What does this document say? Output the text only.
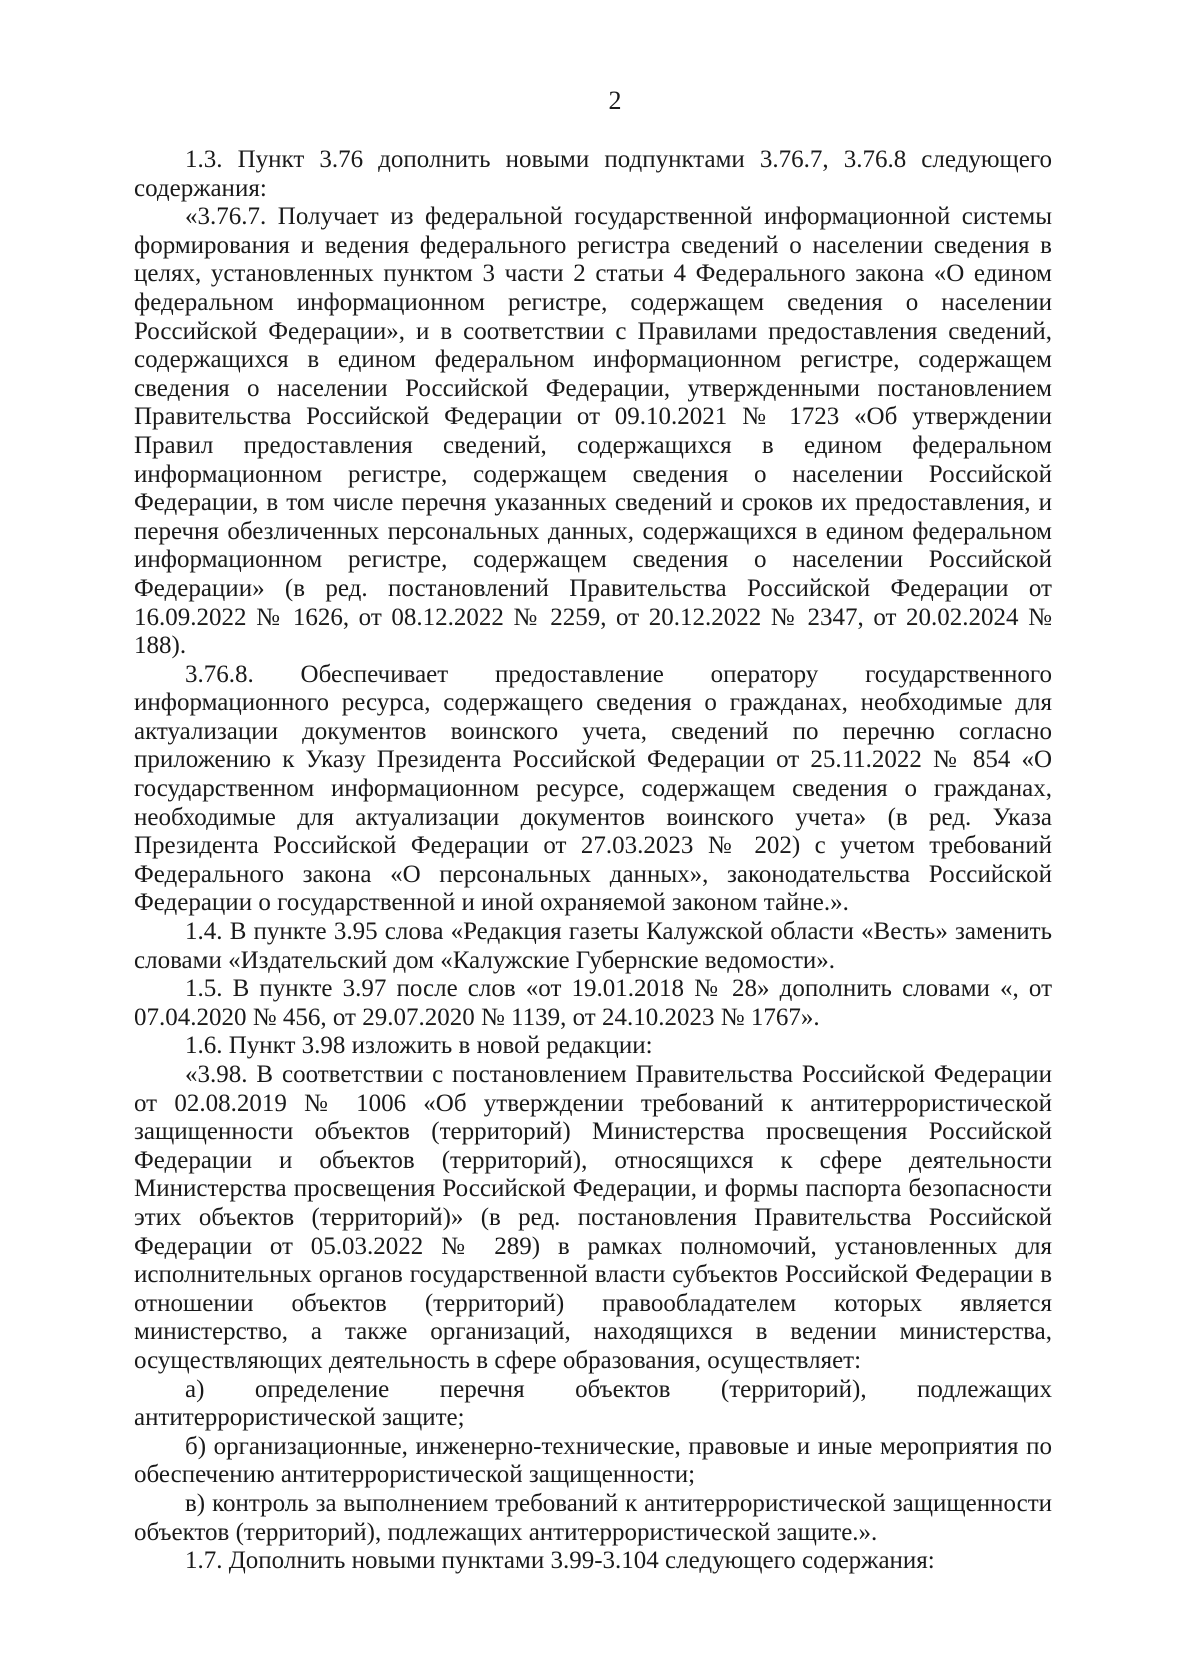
2

1.3. Пункт 3.76 дополнить новыми подпунктами 3.76.7, 3.76.8 следующего содержания:

«3.76.7. Получает из федеральной государственной информационной системы формирования и ведения федерального регистра сведений о населении сведения в целях, установленных пунктом 3 части 2 статьи 4 Федерального закона «О едином федеральном информационном регистре, содержащем сведения о населении Российской Федерации», и в соответствии с Правилами предоставления сведений, содержащихся в едином федеральном информационном регистре, содержащем сведения о населении Российской Федерации, утвержденными постановлением Правительства Российской Федерации от 09.10.2021 № 1723 «Об утверждении Правил предоставления сведений, содержащихся в едином федеральном информационном регистре, содержащем сведения о населении Российской Федерации, в том числе перечня указанных сведений и сроков их предоставления, и перечня обезличенных персональных данных, содержащихся в едином федеральном информационном регистре, содержащем сведения о населении Российской Федерации» (в ред. постановлений Правительства Российской Федерации от 16.09.2022 № 1626, от 08.12.2022 № 2259, от 20.12.2022 № 2347, от 20.02.2024 № 188).

3.76.8. Обеспечивает предоставление оператору государственного информационного ресурса, содержащего сведения о гражданах, необходимые для актуализации документов воинского учета, сведений по перечню согласно приложению к Указу Президента Российской Федерации от 25.11.2022 № 854 «О государственном информационном ресурсе, содержащем сведения о гражданах, необходимые для актуализации документов воинского учета» (в ред. Указа Президента Российской Федерации от 27.03.2023 № 202) с учетом требований Федерального закона «О персональных данных», законодательства Российской Федерации о государственной и иной охраняемой законом тайне.».

1.4. В пункте 3.95 слова «Редакция газеты Калужской области «Весть» заменить словами «Издательский дом «Калужские Губернские ведомости».

1.5. В пункте 3.97 после слов «от 19.01.2018 № 28» дополнить словами «, от 07.04.2020 № 456, от 29.07.2020 № 1139, от 24.10.2023 № 1767».

1.6. Пункт 3.98 изложить в новой редакции:

«3.98. В соответствии с постановлением Правительства Российской Федерации от 02.08.2019 № 1006 «Об утверждении требований к антитеррористической защищенности объектов (территорий) Министерства просвещения Российской Федерации и объектов (территорий), относящихся к сфере деятельности Министерства просвещения Российской Федерации, и формы паспорта безопасности этих объектов (территорий)» (в ред. постановления Правительства Российской Федерации от 05.03.2022 № 289) в рамках полномочий, установленных для исполнительных органов государственной власти субъектов Российской Федерации в отношении объектов (территорий) правообладателем которых является министерство, а также организаций, находящихся в ведении министерства, осуществляющих деятельность в сфере образования, осуществляет:

а) определение перечня объектов (территорий), подлежащих антитеррористической защите;

б) организационные, инженерно-технические, правовые и иные мероприятия по обеспечению антитеррористической защищенности;

в) контроль за выполнением требований к антитеррористической защищенности объектов (территорий), подлежащих антитеррористической защите.».

1.7. Дополнить новыми пунктами 3.99-3.104 следующего содержания:
